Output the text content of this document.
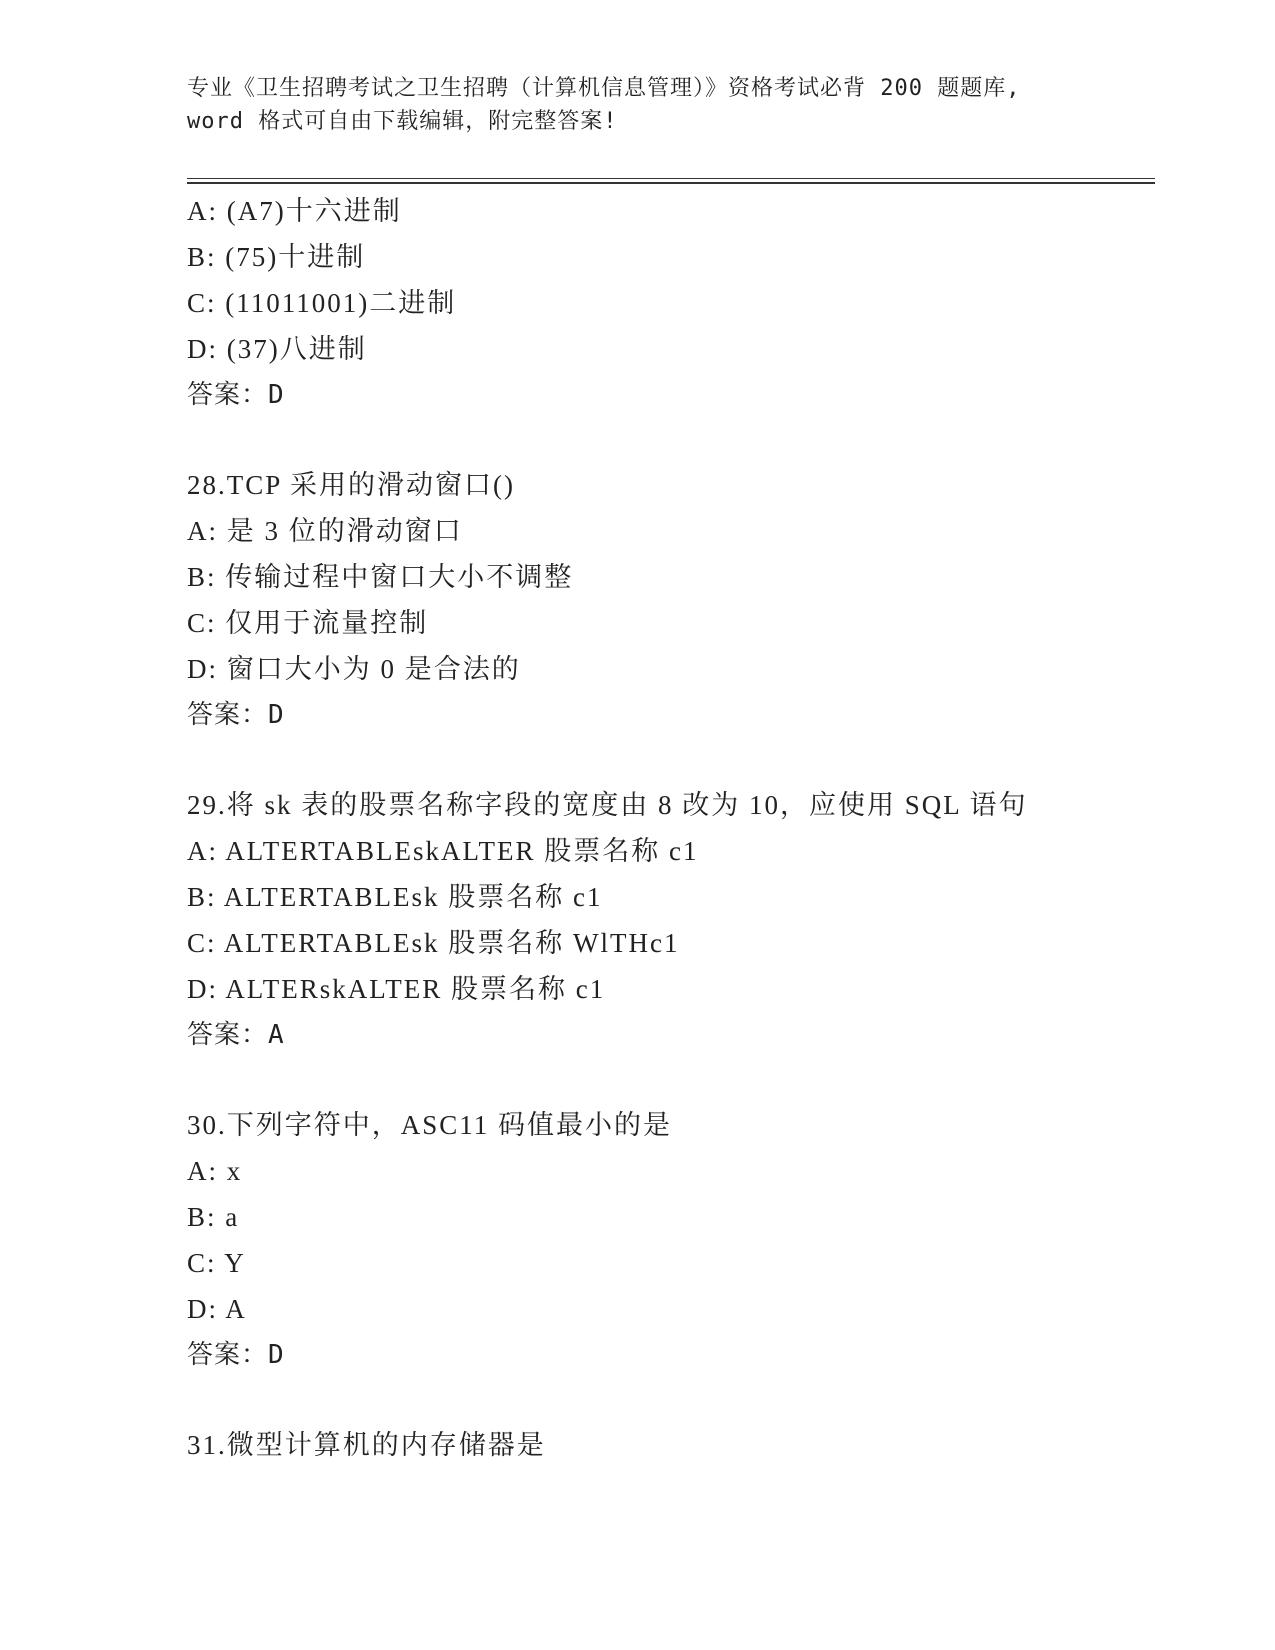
专业《卫生招聘考试之卫生招聘（计算机信息管理）》资格考试必背 200 题题库,
word 格式可自由下载编辑，附完整答案!
A: (A7)十六进制
B: (75)十进制
C: (11011001)二进制
D: (37)八进制
答案：D
28.TCP 采用的滑动窗口()
A: 是 3 位的滑动窗口
B: 传输过程中窗口大小不调整
C: 仅用于流量控制
D: 窗口大小为 0 是合法的
答案：D
29.将 sk 表的股票名称字段的宽度由 8 改为 10，应使用 SQL 语句
A: ALTERTABLEskALTER 股票名称 c1
B: ALTERTABLEsk 股票名称 c1
C: ALTERTABLEsk 股票名称 WlTHc1
D: ALTERskALTER 股票名称 c1
答案：A
30.下列字符中，ASC11 码值最小的是
A: x
B: a
C: Y
D: A
答案：D
31.微型计算机的内存储器是
